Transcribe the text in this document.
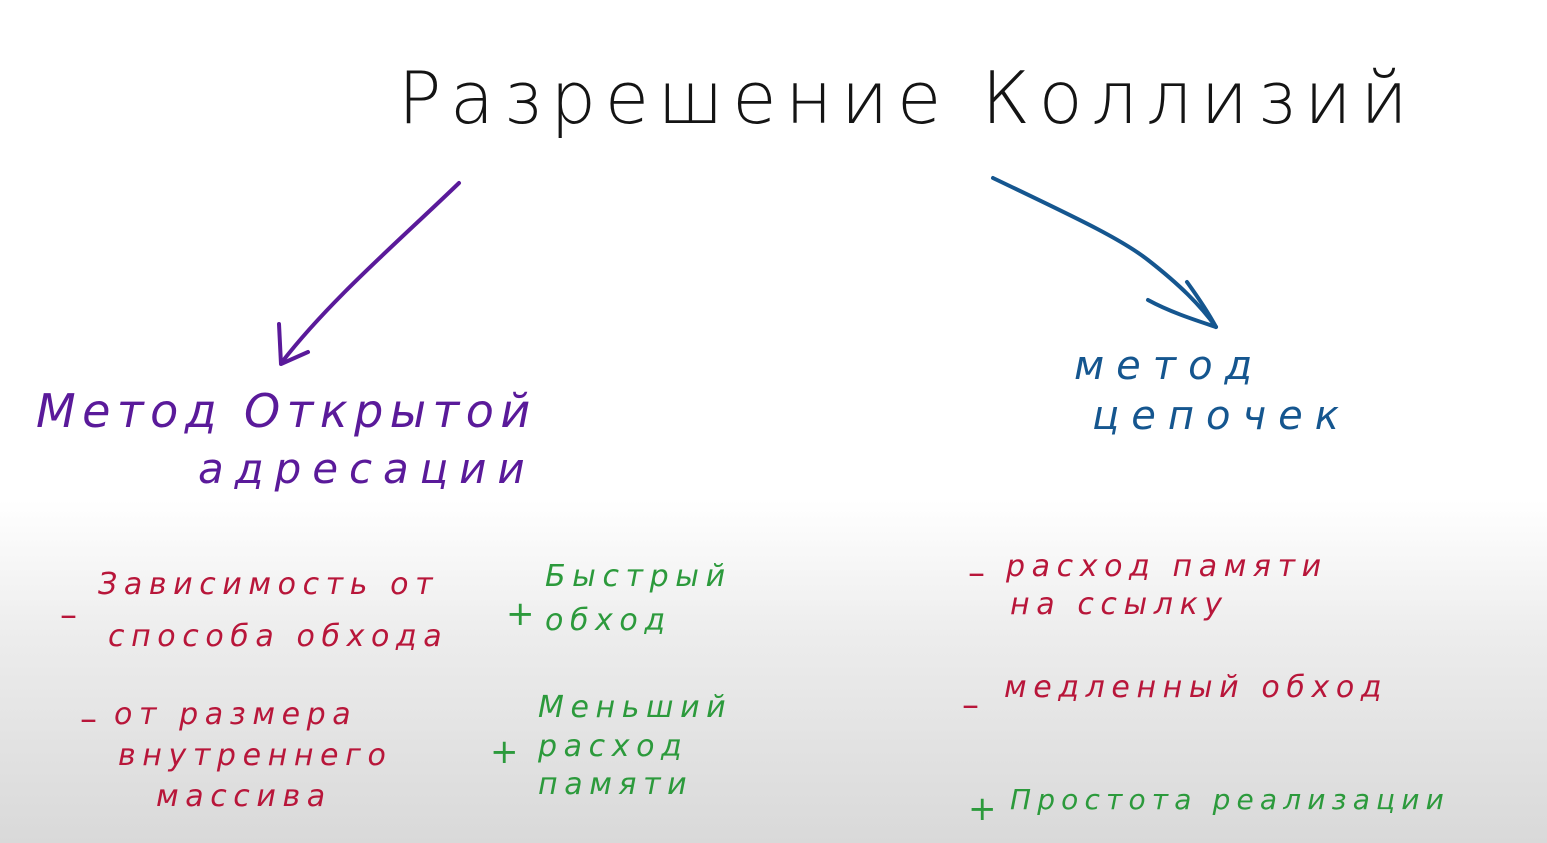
Разрешение Коллизий
Метод Открытой
адресации
метод
цепочек
–
Зависимость от
способа обхода
– от размера
внутреннего
массива
+
Быстрый
обход
+
Меньший
расход
памяти
– расход памяти
на ссылку
– медленный обход
+ Простота реализации
